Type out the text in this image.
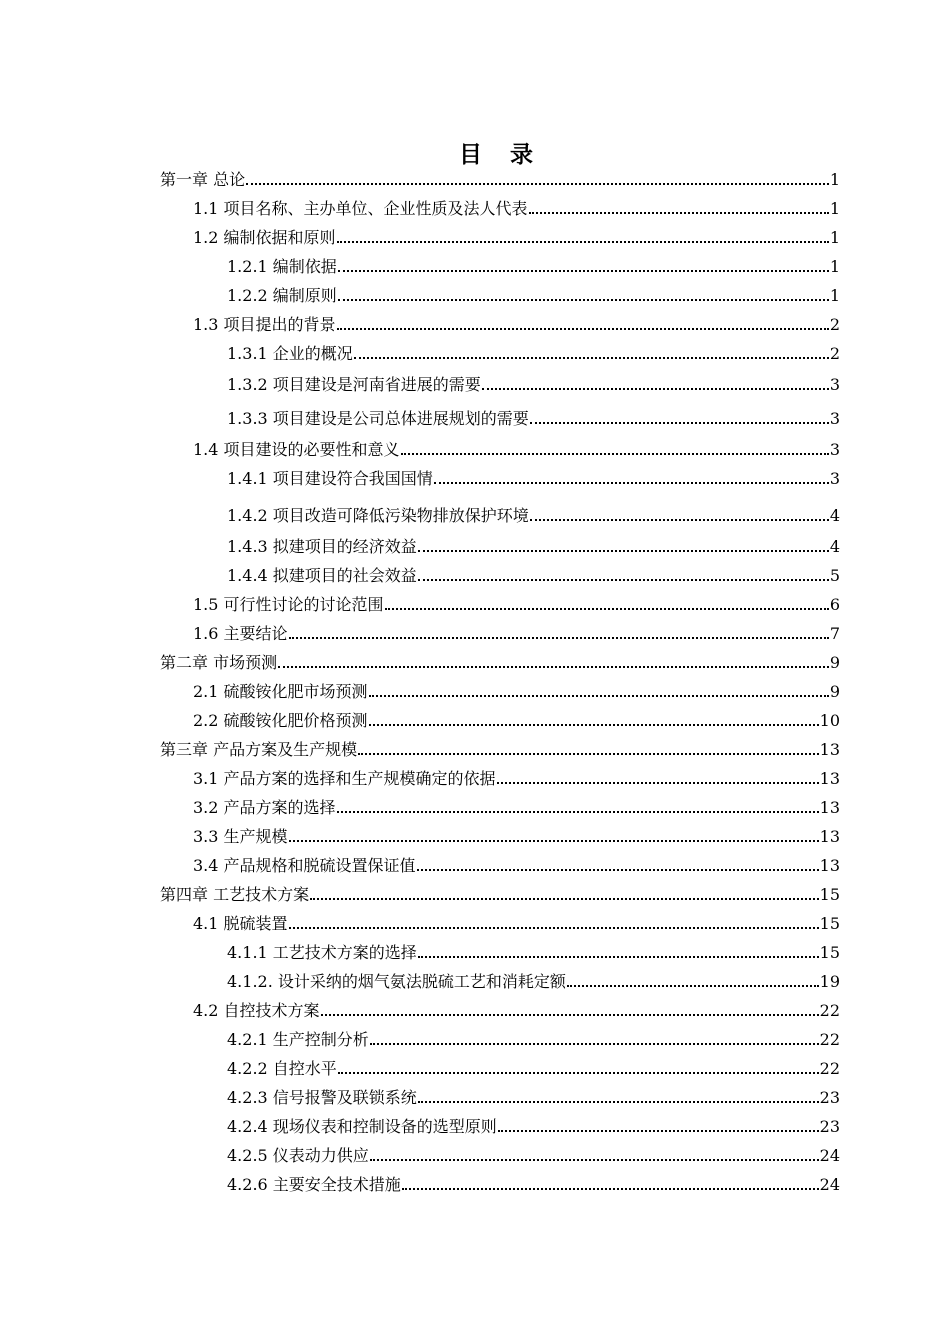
目 录
第一章 总论	1
1.1 项目名称、主办单位、企业性质及法人代表	1
1.2 编制依据和原则	1
1.2.1 编制依据	1
1.2.2 编制原则	1
1.3 项目提出的背景	2
1.3.1 企业的概况	2
1.3.2 项目建设是河南省进展的需要	3
1.3.3 项目建设是公司总体进展规划的需要	3
1.4 项目建设的必要性和意义	3
1.4.1 项目建设符合我国国情	3
1.4.2 项目改造可降低污染物排放保护环境	4
1.4.3 拟建项目的经济效益	4
1.4.4 拟建项目的社会效益	5
1.5 可行性讨论的讨论范围	6
1.6 主要结论	7
第二章 市场预测	9
2.1 硫酸铵化肥市场预测	9
2.2 硫酸铵化肥价格预测	10
第三章 产品方案及生产规模	13
3.1 产品方案的选择和生产规模确定的依据	13
3.2 产品方案的选择	13
3.3 生产规模	13
3.4 产品规格和脱硫设置保证值	13
第四章 工艺技术方案	15
4.1 脱硫装置	15
4.1.1 工艺技术方案的选择	15
4.1.2. 设计采纳的烟气氨法脱硫工艺和消耗定额	19
4.2 自控技术方案	22
4.2.1 生产控制分析	22
4.2.2 自控水平	22
4.2.3 信号报警及联锁系统	23
4.2.4 现场仪表和控制设备的选型原则	23
4.2.5 仪表动力供应	24
4.2.6 主要安全技术措施	24
